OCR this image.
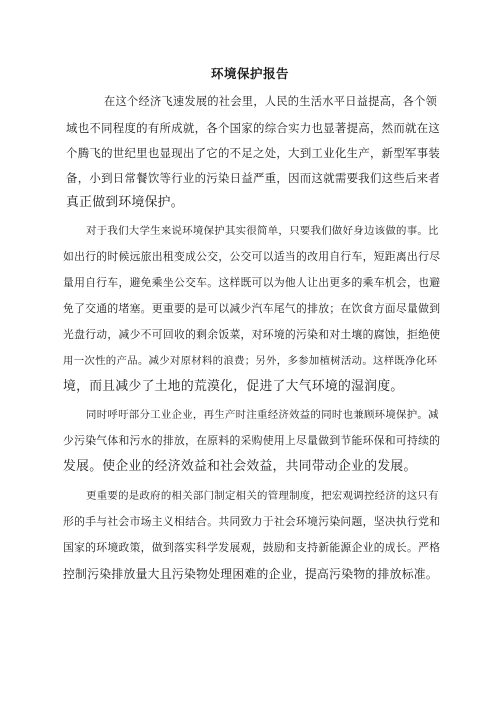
环境保护报告
在这个经济飞速发展的社会里，人民的生活水平日益提高，各个领
域也不同程度的有所成就，各个国家的综合实力也显著提高，然而就在这
个腾飞的世纪里也显现出了它的不足之处，大到工业化生产，新型军事装
备，小到日常餐饮等行业的污染日益严重，因而这就需要我们这些后来者
真正做到环境保护。
对于我们大学生来说环境保护其实很简单，只要我们做好身边该做的事。比
如出行的时候远旅出租变成公交，公交可以适当的改用自行车，短距离出行尽
量用自行车，避免乘坐公交车。这样既可以为他人让出更多的乘车机会，也避
免了交通的堵塞。更重要的是可以减少汽车尾气的排放；在饮食方面尽量做到
光盘行动，减少不可回收的剩余饭菜，对环境的污染和对土壤的腐蚀，拒绝使
用一次性的产品。减少对原材料的浪费；另外，多参加植树活动。这样既净化环
境，而且减少了土地的荒漠化，促进了大气环境的湿润度。
同时呼吁部分工业企业，再生产时注重经济效益的同时也兼顾环境保护。减
少污染气体和污水的排放，在原料的采购使用上尽量做到节能环保和可持续的
发展。使企业的经济效益和社会效益，共同带动企业的发展。
更重要的是政府的相关部门制定相关的管理制度，把宏观调控经济的这只有
形的手与社会市场主义相结合。共同致力于社会环境污染问题，坚决执行党和
国家的环境政策，做到落实科学发展观，鼓励和支持新能源企业的成长。严格
控制污染排放量大且污染物处理困难的企业，提高污染物的排放标准。
